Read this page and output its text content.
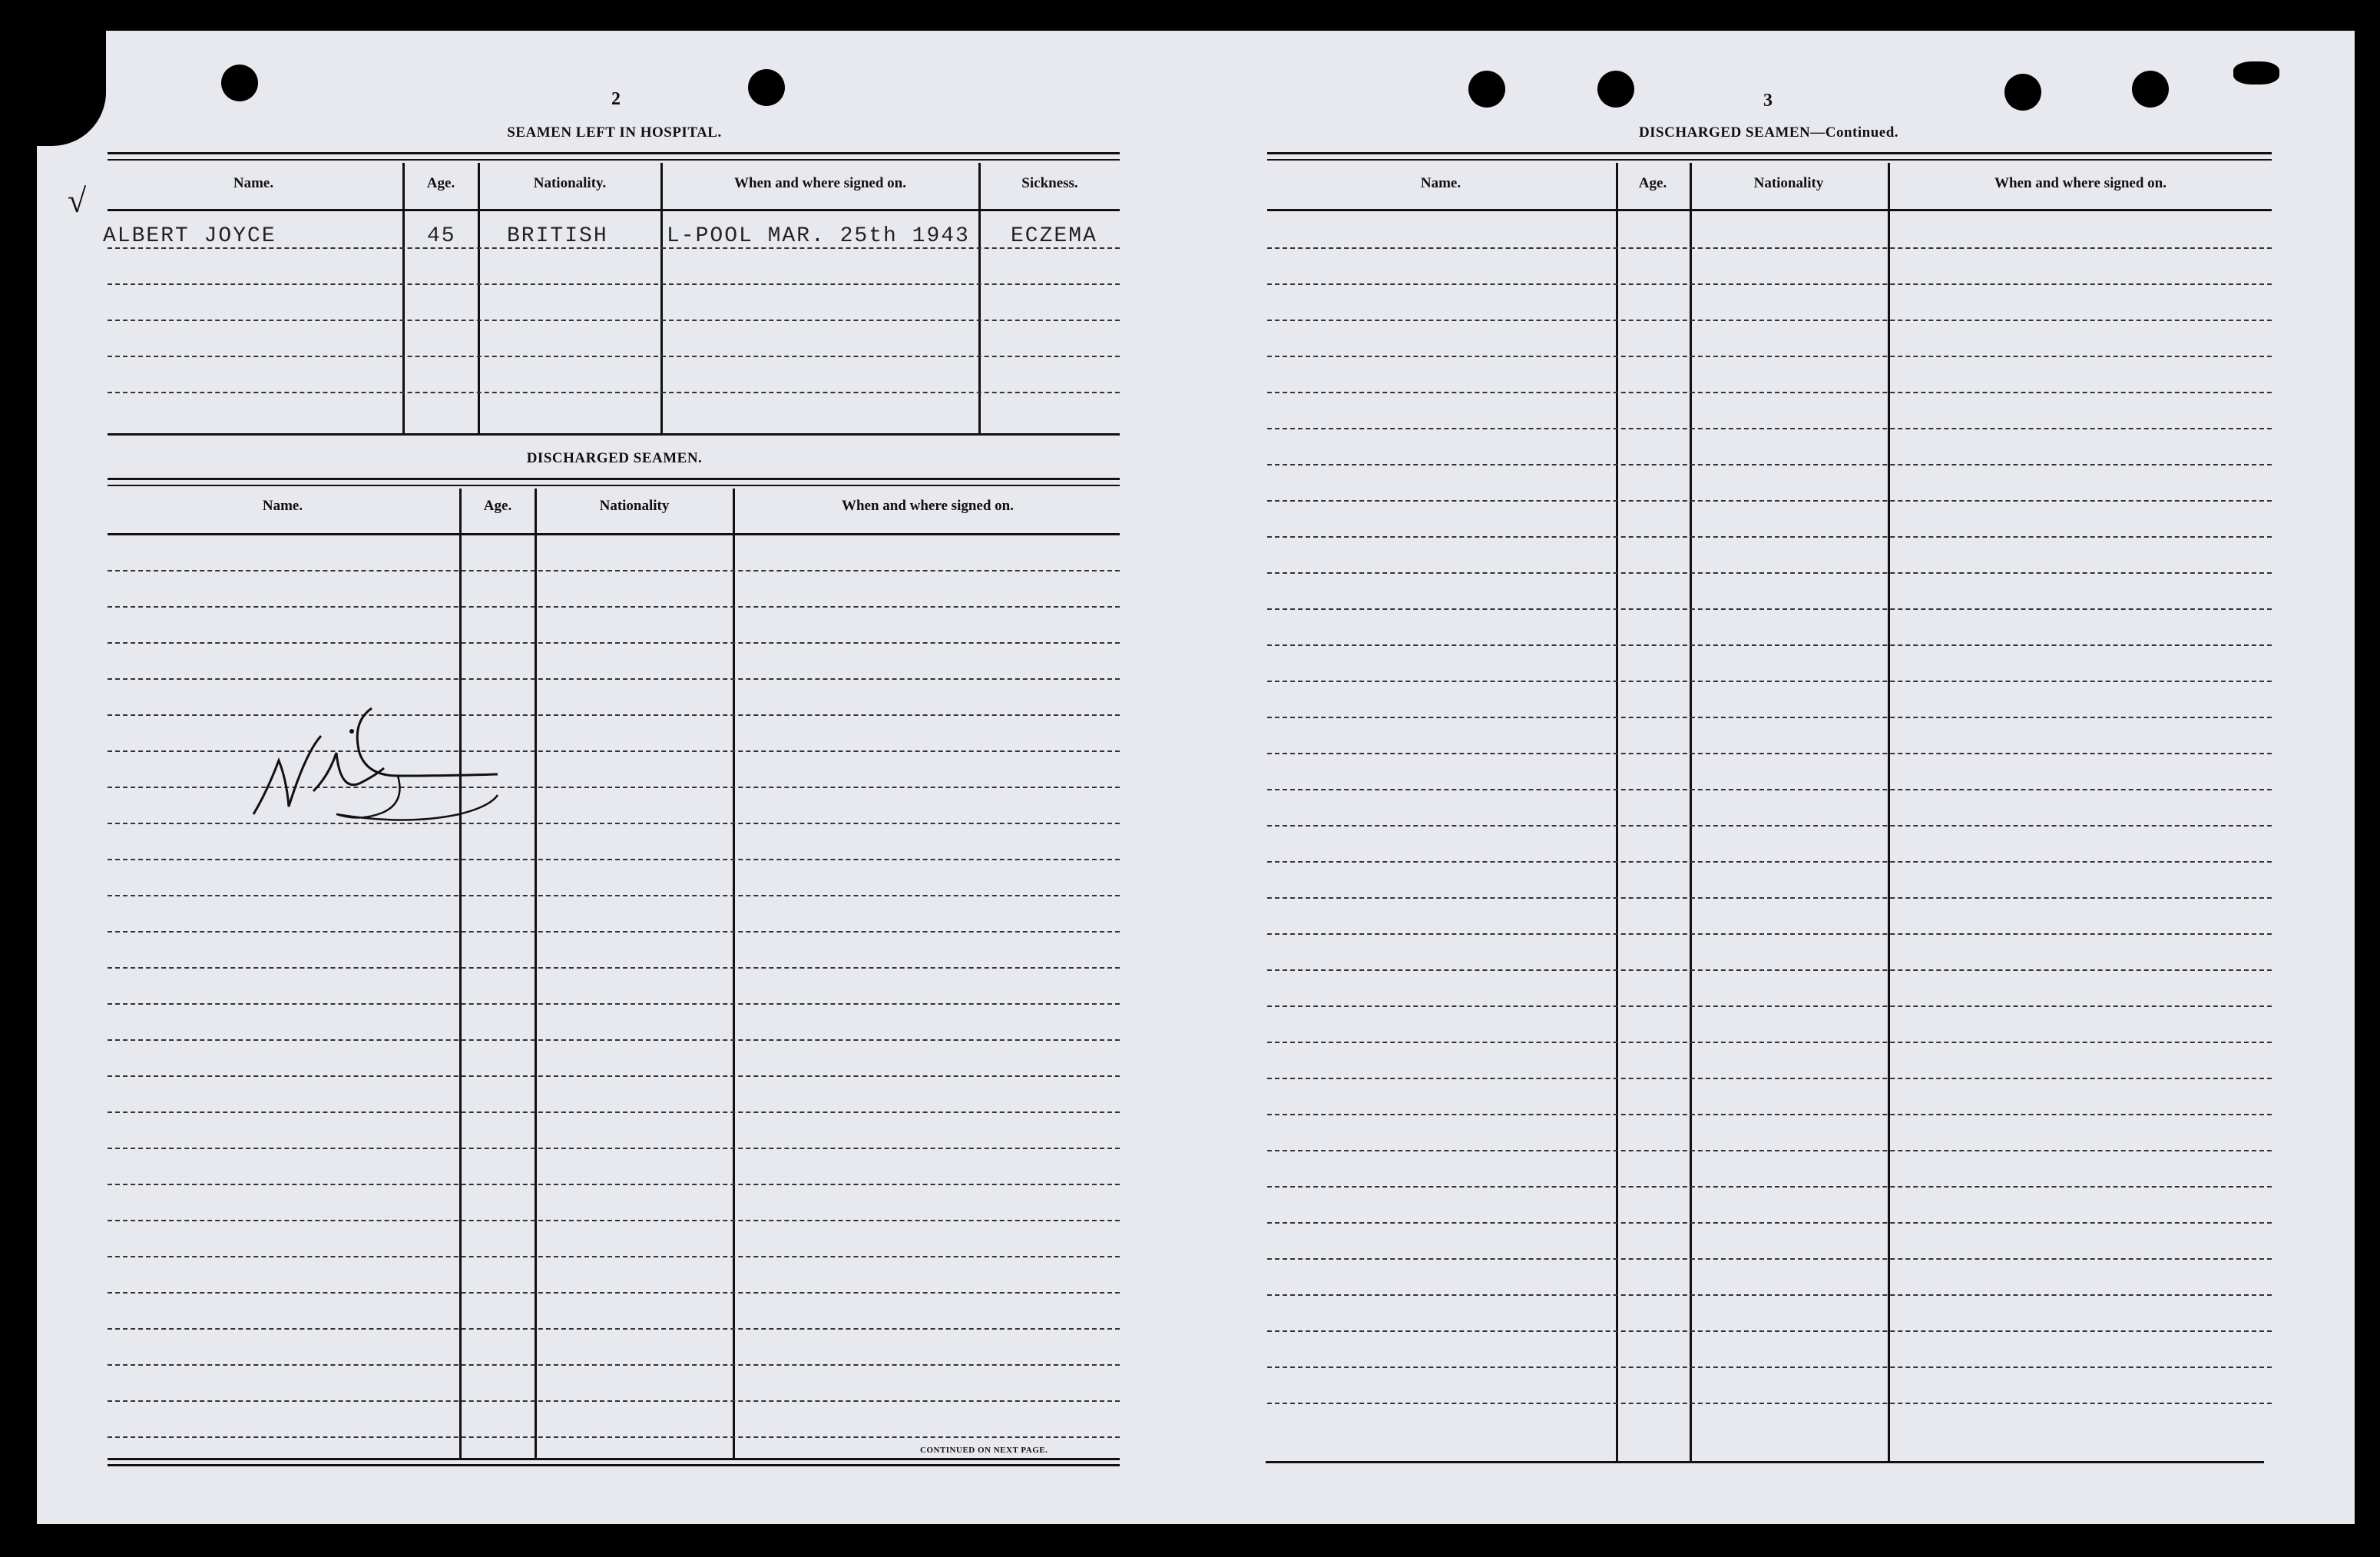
2
SEAMEN LEFT IN HOSPITAL.
Name.	Age.	Nationality.	When and where signed on.	Sickness.
√
ALBERT JOYCE	45 BRITISH	L-POOL MAR. 25th 1943 ECZEMA
DISCHARGED SEAMEN.
Name.	Age.	Nationality	When and where signed on.
CONTINUED ON NEXT PAGE.
3
DISCHARGED SEAMEN—Continued.
Name.	Age.	Nationality	When and where signed on.
